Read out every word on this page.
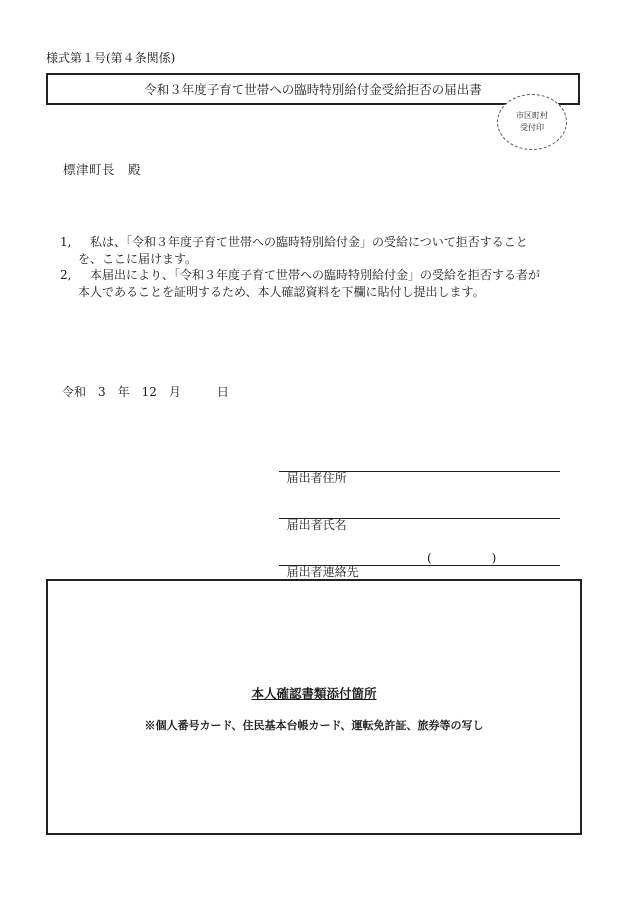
様式第１号(第４条関係)
令和３年度子育て世帯への臨時特別給付金受給拒否の届出書
市区町村
受付印
標津町長　殿
1,	私は、「令和３年度子育て世帯への臨時特別給付金」の受給について拒否することを、ここに届けます。
2,	本届出により、「令和３年度子育て世帯への臨時特別給付金」の受給を拒否する者が本人であることを証明するため、本人確認資料を下欄に貼付し提出します。
令和　3　年　12　月　　　日

届出者住所

届出者氏名

届出者連絡先

(　　　　　)

本人確認書類添付箇所
※個人番号カード、住民基本台帳カード、運転免許証、旅券等の写し
